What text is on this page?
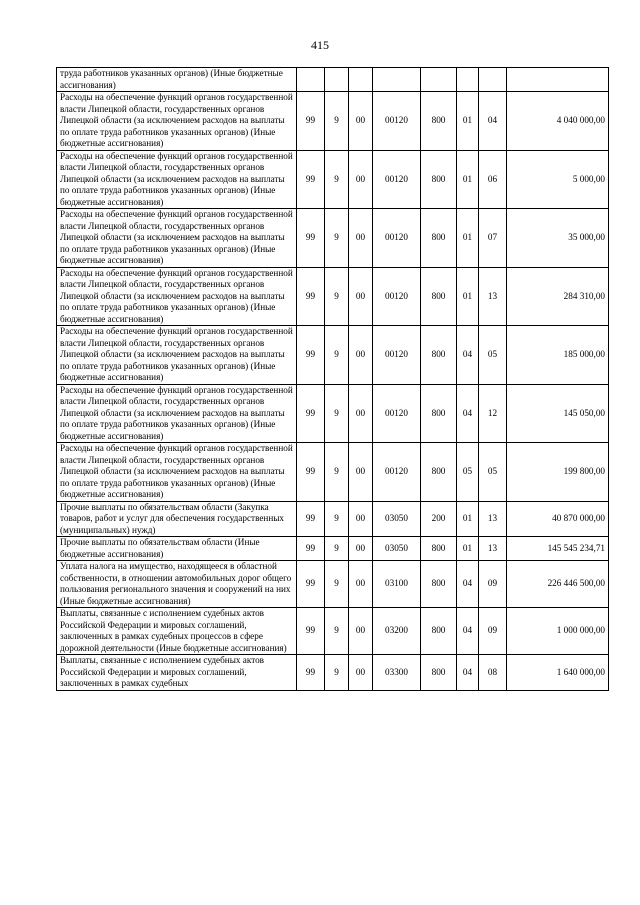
415
труда работников указанных органов) (Иные бюджетные ассигнования)								
Расходы на обеспечение функций органов государственной власти Липецкой области, государственных органов Липецкой области (за исключением расходов на выплаты по оплате труда работников указанных органов) (Иные бюджетные ассигнования)	99	9	00	00120	800	01	04	4 040 000,00
Расходы на обеспечение функций органов государственной власти Липецкой области, государственных органов Липецкой области (за исключением расходов на выплаты по оплате труда работников указанных органов) (Иные бюджетные ассигнования)	99	9	00	00120	800	01	06	5 000,00
Расходы на обеспечение функций органов государственной власти Липецкой области, государственных органов Липецкой области (за исключением расходов на выплаты по оплате труда работников указанных органов) (Иные бюджетные ассигнования)	99	9	00	00120	800	01	07	35 000,00
Расходы на обеспечение функций органов государственной власти Липецкой области, государственных органов Липецкой области (за исключением расходов на выплаты по оплате труда работников указанных органов) (Иные бюджетные ассигнования)	99	9	00	00120	800	01	13	284 310,00
Расходы на обеспечение функций органов государственной власти Липецкой области, государственных органов Липецкой области (за исключением расходов на выплаты по оплате труда работников указанных органов) (Иные бюджетные ассигнования)	99	9	00	00120	800	04	05	185 000,00
Расходы на обеспечение функций органов государственной власти Липецкой области, государственных органов Липецкой области (за исключением расходов на выплаты по оплате труда работников указанных органов) (Иные бюджетные ассигнования)	99	9	00	00120	800	04	12	145 050,00
Расходы на обеспечение функций органов государственной власти Липецкой области, государственных органов Липецкой области (за исключением расходов на выплаты по оплате труда работников указанных органов) (Иные бюджетные ассигнования)	99	9	00	00120	800	05	05	199 800,00
Прочие выплаты по обязательствам области (Закупка товаров, работ и услуг для обеспечения государственных (муниципальных) нужд)	99	9	00	03050	200	01	13	40 870 000,00
Прочие выплаты по обязательствам области (Иные бюджетные ассигнования)	99	9	00	03050	800	01	13	145 545 234,71
Уплата налога на имущество, находящееся в областной собственности, в отношении автомобильных дорог общего пользования регионального значения и сооружений на них (Иные бюджетные ассигнования)	99	9	00	03100	800	04	09	226 446 500,00
Выплаты, связанные с исполнением судебных актов Российской Федерации и мировых соглашений, заключенных в рамках судебных процессов в сфере дорожной деятельности (Иные бюджетные ассигнования)	99	9	00	03200	800	04	09	1 000 000,00
Выплаты, связанные с исполнением судебных актов Российской Федерации и мировых соглашений, заключенных в рамках судебных	99	9	00	03300	800	04	08	1 640 000,00
